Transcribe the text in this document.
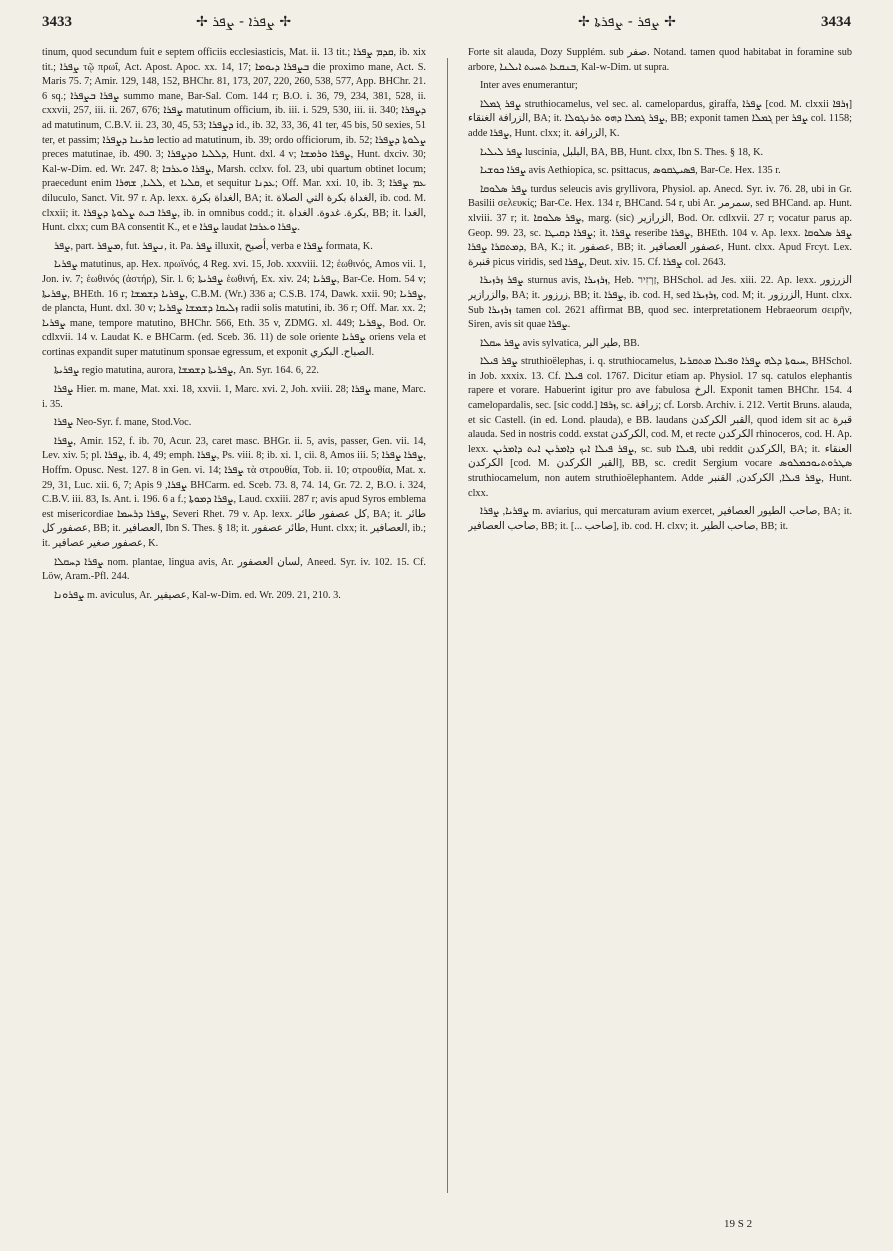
3433	✢ ܨܦܪܐ - ܨܦܪ ✢	✢ ܨܦܪ - ܨܦܪܬܐ ✢	3434

tinum, quod secundum fuit e septem officiis ecclesiasticis, Mat. ii. 13 tit.; ܩܕܡ ܨܦܪܐ, ib. xix tit.; ܨܦܪܐ τῷ πρωΐ, Act. Apost. Apoc. xx. 14, 17; ܒܨܦܪܐ ܕܝܘܡܐ die proximo mane, Act. S. Maris 75. 7; Amir. 129, 148, 152, BHChr. 81, 173, 207, 220, 260, 538, 577, App. BHChr. 21. 6 sq.; ܨܦܪܐ ܒܨܦܪܐ summo mane, Bar-Sal. Com. 144 r; B.O. i. 36, 79, 234, 381, 528, ii. cxxvii, 257, iii. ii. 267, 676; ܨܦܪܐ matutinum officium, ib. iii. i. 529, 530, iii. ii. 340; ܕܨܦܪܐ ad matutinum, C.B.V. ii. 23, 30, 45, 53; ܕܨܦܪܐ id., ib. 32, 33, 36, 41 ter, 45 bis, 50 sexies, 51 ter, et passim; ܩܪܝܢܐ ܕܨܦܪܐ lectio ad matutinum, ib. 39; ordo officiorum, ib. 52; ܨܠܘܬܐ ܕܨܦܪܐ preces matutinae, ib. 490. 3; ܕܠܠܝܐ ܘܕܨܦܪܐ, Hunt. dxl. 4 v; ܨܦܪܐ ܘܪܡܫܐ, Hunt. dxciv. 30; Kal-w-Dim. ed. Wr. 247. 8; ܨܦܪܐ ܘܥܪܒܐ, Marsh. cclxv. fol. 23, ubi quartum obtinet locum; praecedunt enim ܠܠܝܐ, ܫܗܪܐ, et ܩܠܝܐ, et sequitur ܥܕܢܐ; Off. Mar. xxi. 10, ib. 3; ܥܡ ܨܦܪܐ diluculo, Sanct. Vit. 97 r. Ap. lexx. الغداة بكرة, BA; it. الغداة بكرة التي الصلاة, ib. cod. M. clxxii; it. ܨܦܪܐ ܒܝܬ ܨܠܘܬܐ ܕܨܦܪܐ, ib. in omnibus codd.; it. بكرة. غدوة. الغداة, BB; it. الغدا, Hunt. clxx; cum BA consentit K., et e ܨܦܪܐ laudat ܨܦܪܐ ܘܥܪܒܐ.

ܨܦܪ, part. ܡܨܦܪ, fut. ܢܨܦܪ, it. Pa. ܨܦܪ illuxit, أصبح, verba e ܨܦܪܐ formata, K.

ܨܦܪܝܐ matutinus, ap. Hex. πρωϊνός, 4 Reg. xvi. 15, Job. xxxviii. 12; ἑωθινός, Amos vii. 1, Jon. iv. 7; ἑωθινός (ἀστήρ), Sir. l. 6; ܨܦܪܝܬܐ ἑωθινή, Ex. xiv. 24; ܨܦܪܝܐ, Bar-Ce. Hom. 54 v; ܨܦܪܝܬܐ, BHEth. 16 r; ܨܦܪܝܐ ܕܫܡܫܐ, C.B.M. (Wr.) 336 a; C.S.B. 174, Dawk. xxii. 90; ܨܦܪܝܐ, de plancta, Hunt. dxl. 30 v; ܙܠܝܩܐ ܕܫܡܫܐ ܨܦܪܝܐ radii solis matutini, ib. 36 r; Off. Mar. xx. 2; ܨܦܪܝܐ mane, tempore matutino, BHChr. 566, Eth. 35 v, ZDMG. xl. 449; ܨܦܪܝܐ, Bod. Or. cdlxvii. 14 v. Laudat K. e BHCarm. (ed. Sceb. 36. 11) de sole oriente ܨܦܪܝܐ oriens vela et cortinas expandit super matutinum sponsae egressum, et exponit الصباح. البكري.

ܨܦܪܝܬܐ regio matutina, aurora, ܨܦܪܝܬܐ ܕܫܡܫܐ, An. Syr. 164. 6, 22.

ܨܦܪܐ Hier. m. mane, Mat. xxi. 18, xxvii. 1, Marc. xvi. 2, Joh. xviii. 28; ܨܦܪܐ mane, Marc. i. 35.

ܨܦܪܐ Neo-Syr. f. mane, Stod.Voc.

ܨܦܪܐ, Amir. 152, f. ib. 70, Acur. 23, caret masc. BHGr. ii. 5, avis, passer, Gen. vii. 14, Lev. xiv. 5; pl. ܨܦܪܐ, ib. 4, 49; emph. ܨܦܪܐ, Ps. viii. 8; ib. xi. 1, cii. 8, Amos iii. 5; ܨܦܪܐ ܨܦܪܐ, Hoffm. Opusc. Nest. 127. 8 in Gen. vi. 14; ܨܦܪܐ τὰ στρουθία, Tob. ii. 10; στρουθία, Mat. x. 29, 31, Luc. xii. 6, 7; Apis ܨܦܪܐ, 9 BHCarm. ed. Sceb. 73. 8, 74. 14, Gr. 72. 2, B.O. i. 324, C.B.V. iii. 83, Is. Ant. i. 196. 6 a f.; ܨܦܪܐ ܕܡܘܬܐ, Laud. cxxiii. 287 r; avis apud Syros emblema est misericordiae ܨܦܪܐ ܕܪܚܡܐ, Severi Rhet. 79 v. Ap. lexx. كل عصفور طائر, BA; it. طائر عصفور كل, BB; it. العصافير, Ibn S. Thes. § 18; it. طائر عصفور, Hunt. clxx; it. العصافير, ib.; it. عصفور صغير عصافير, K.

ܨܦܪܐ ܕܚܩܠܐ nom. plantae, lingua avis, Ar. لسان العصفور, Aneed. Syr. iv. 102. 15. Cf. Löw, Aram.-Pfl. 244.

ܨܦܪܘܢܐ m. aviculus, Ar. عصيفير, Kal-w-Dim. ed. Wr. 209. 21, 210. 3.

Forte sit alauda, Dozy Supplém. sub صفر. Notand. tamen quod habitabat in foramine sub arbore, ܒܢܩܥܐ ܬܚܝܬ ܐܝܠܢܐ, Kal-w-Dim. ut supra.

Inter aves enumerantur;

ܨܦܪ ܓܡܠܐ struthiocamelus, vel sec. al. camelopardus, giraffa, ܨܦܪܐ [cod. M. clxxii ܙܪܦܐ] الزرافة الغنقاء, BA; it. ܨܦܪ ܓܡܠܐ ܕܗܘ ܬܪܢܓܘܠܐ, BB; exponit tamen ܓܡܠܐ per ܨܦܪ col. 1158; adde ܨܦܪܐ, Hunt. clxx; it. الزرافة, K.

ܨܦܪ ܠܝܠܝܐ luscinia, البلبل, BA, BB, Hunt. clxx, Ibn S. Thes. § 18, K.

ܨܦܪܐ ܟܘܫܝܐ avis Aethiopica, sc. psittacus, ܦܣܝܛܩܘܣ, Bar-Ce. Hex. 135 r.

ܨܦܪ ܣܠܘܩܐ turdus seleucis avis gryllivora, Physiol. ap. Anecd. Syr. iv. 76. 28, ubi in Gr. Basilii σελευκίς; Bar-Ce. Hex. 134 r, BHCand. 54 r, ubi Ar. سمرمر, sed BHCand. ap. Hunt. xlviii. 37 r; it. ܨܦܪ ܣܠܘܩܐ, marg. (sic) الزرازير, Bod. Or. cdlxvii. 27 r; vocatur parus ap. Geop. 99. 23, sc. ܨܦܪܐ ܕܩܝܛܐ; it. ܨܦܪܐ reseribe ܨܦܪܐ, BHEth. 104 v. Ap. lexx. ܨܦܪ ܣܠܘܩܐ ܕܡܬܩܪܐ ܨܦܪܐ, BA, K.; it. عصفور, BB; it. عصفور العصافير, Hunt. clxx. Apud Frcyt. Lex. قنبرة picus viridis, sed ܨܦܪܐ, Deut. xiv. 15. Cf. ܨܦܪܐ col. 2643.

ܨܦܪ ܙܪܙܝܪܐ sturnus avis, ܙܪܙܝܪܐ, Heb. זַרְזִיר, BHSchol. ad Jes. xiii. 22. Ap. lexx. الزرزور والزرازير, BA; it. زرزور, BB; it. ܨܦܪܐ, ib. cod. H, sed ܙܪܙܝܪܐ, cod. M; it. الزرزور, Hunt. clxx. Sub ܙܪܙܝܪܐ tamen col. 2621 affirmat BB, quod sec. interpretationem Hebraeorum σειρῆν, Siren, avis sit quae ܨܦܪܐ.

ܨܦܪ ܚܩܠܐ avis sylvatica, طير البر, BB.

ܨܦܪ ܦܝܠܐ struthioëlephas, i. q. struthiocamelus, ܚܝܘܬܐ ܕܠܗ ܨܦܪܐ ܘܦܝܠܐ ܡܬܩܪܝܐ, BHSchol. in Job. xxxix. 13. Cf. ܦܝܠܐ col. 1767. Dicitur etiam ap. Physiol. 17 sq. catulos elephantis rapere et vorare. Habuerint igitur pro ave fabulosa الرخ. Exponit tamen BHChr. 154. 4 camelopardalis, sec. [sic codd.] ܙܪܦܐ, sc. زرافة; cf. Lorsb. Archiv. i. 212. Vertit Bruns. alauda, et sic Castell. (in ed. Lond. plauda), e BB. laudans القبر الكركدن, quod idem sit ac قبرة alauda. Sed in nostris codd. exstat الكركدن, cod. M, et recte الكركدن rhinoceros, cod. H. Ap. lexx. ܨܦܪ ܦܝܠܐ ܐܝܟ ܕܐܡܪܝܢ ܐܝܬ ܕܐܡܪܝܢ, sc. sub ܦܝܠܐ, ubi reddit الكركدن, BA; it. العنقاء الكركدن [cod. M. القبر الكركدن], BB, sc. credit Sergium vocare ܣܛܪܘܬܝܘܟܡܠܘܣ struthiocamelum, non autem struthioëlephantem. Adde ܨܦܪ ܦܝܠܐ, الكركدن, القنبر, Hunt. clxx.

ܨܦܪܝܐ, ܨܦܪܐ m. aviarius, qui mercaturam avium exercet, صاحب الطيور العصافير, BA; it. صاحب العصافير, BB; it. [... صاحب], ib. cod. H. clxv; it. صاحب الطير, BB; it.

19 S 2
